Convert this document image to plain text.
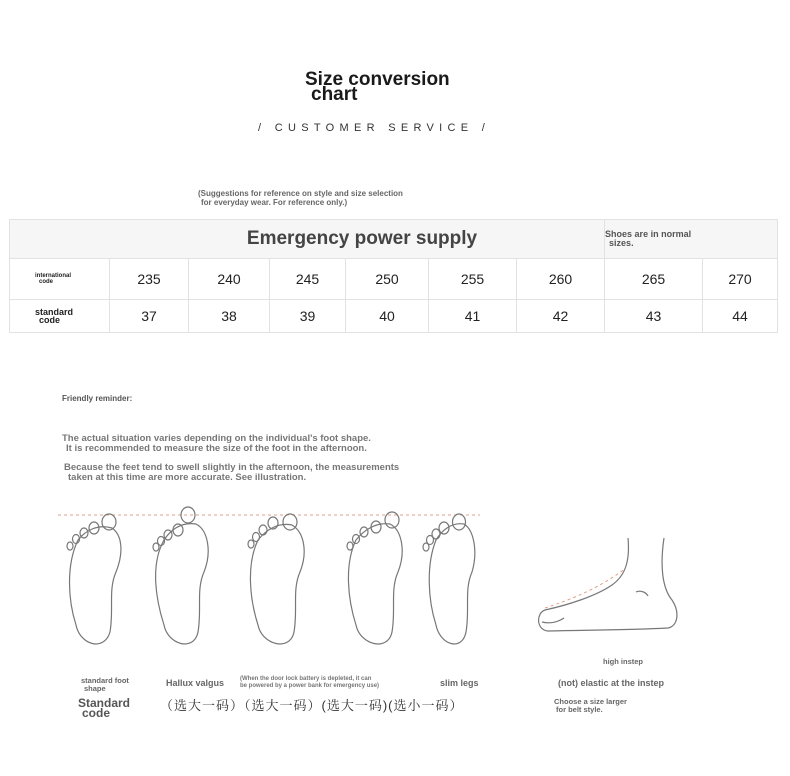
Size conversion
chart
/ CUSTOMER SERVICE /
(Suggestions for reference on style and size selection
for everyday wear. For reference only.)
Emergency power supply							Shoes are in normal
sizes.	

international
code	235	240	245	250	255	260	265	270
standard
code	37	38	39	40	41	42	43	44
Friendly reminder:
The actual situation varies depending on the individual's foot shape.
It is recommended to measure the size of the foot in the afternoon.
Because the feet tend to swell slightly in the afternoon, the measurements
taken at this time are more accurate. See illustration.
standard foot
shape	Hallux valgus	(When the door lock battery is depleted, it can
be powered by a power bank for emergency use)	slim legs
Standard
code	（选大一码）（选大一码）(选大一码)(选小一码）
high instep
(not) elastic at the instep
Choose a size larger
for belt style.
